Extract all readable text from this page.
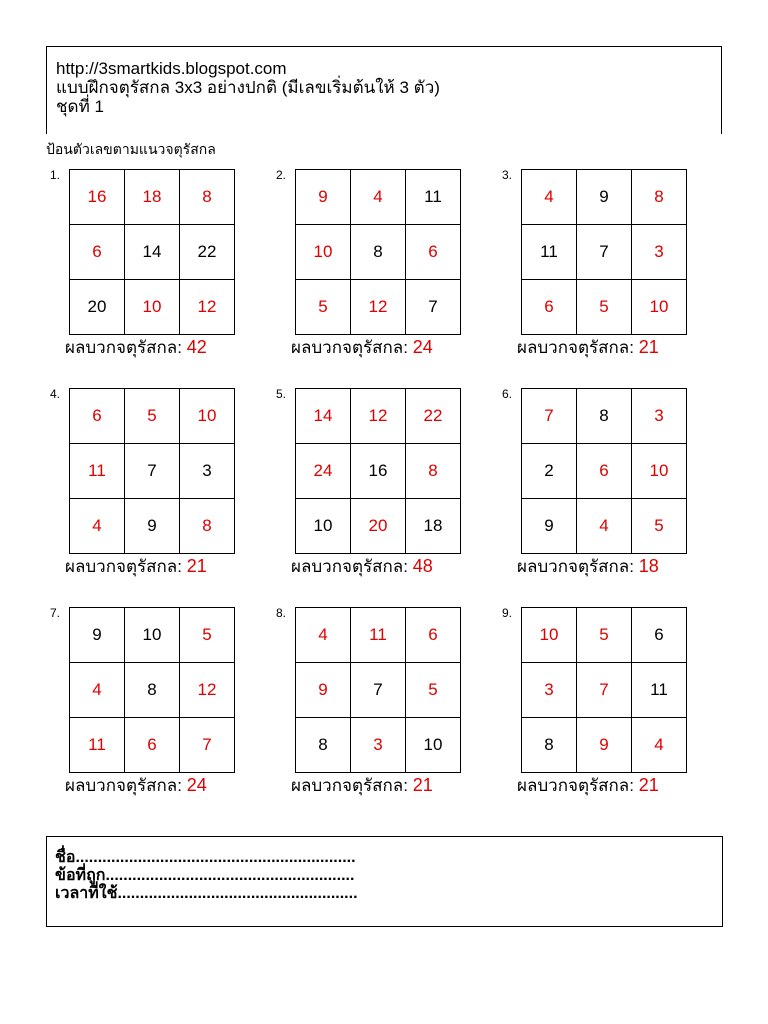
http://3smartkids.blogspot.com
แบบฝึกจตุรัสกล 3x3 อย่างปกติ (มีเลขเริ่มต้นให้ 3 ตัว)
ชุดที่ 1
ป้อนตัวเลขตามแนวจตุรัสกล
1.
16	18	8
6	14	22
20	10	12
ผลบวกจตุรัสกล: 42
2.
9	4	11
10	8	6
5	12	7
ผลบวกจตุรัสกล: 24
3.
4	9	8
11	7	3
6	5	10
ผลบวกจตุรัสกล: 21
4.
6	5	10
11	7	3
4	9	8
ผลบวกจตุรัสกล: 21
5.
14	12	22
24	16	8
10	20	18
ผลบวกจตุรัสกล: 48
6.
7	8	3
2	6	10
9	4	5
ผลบวกจตุรัสกล: 18
7.
9	10	5
4	8	12
11	6	7
ผลบวกจตุรัสกล: 24
8.
4	11	6
9	7	5
8	3	10
ผลบวกจตุรัสกล: 21
9.
10	5	6
3	7	11
8	9	4
ผลบวกจตุรัสกล: 21
ชื่อ...............................................................
ข้อที่ถูก........................................................
เวลาที่ใช้......................................................
